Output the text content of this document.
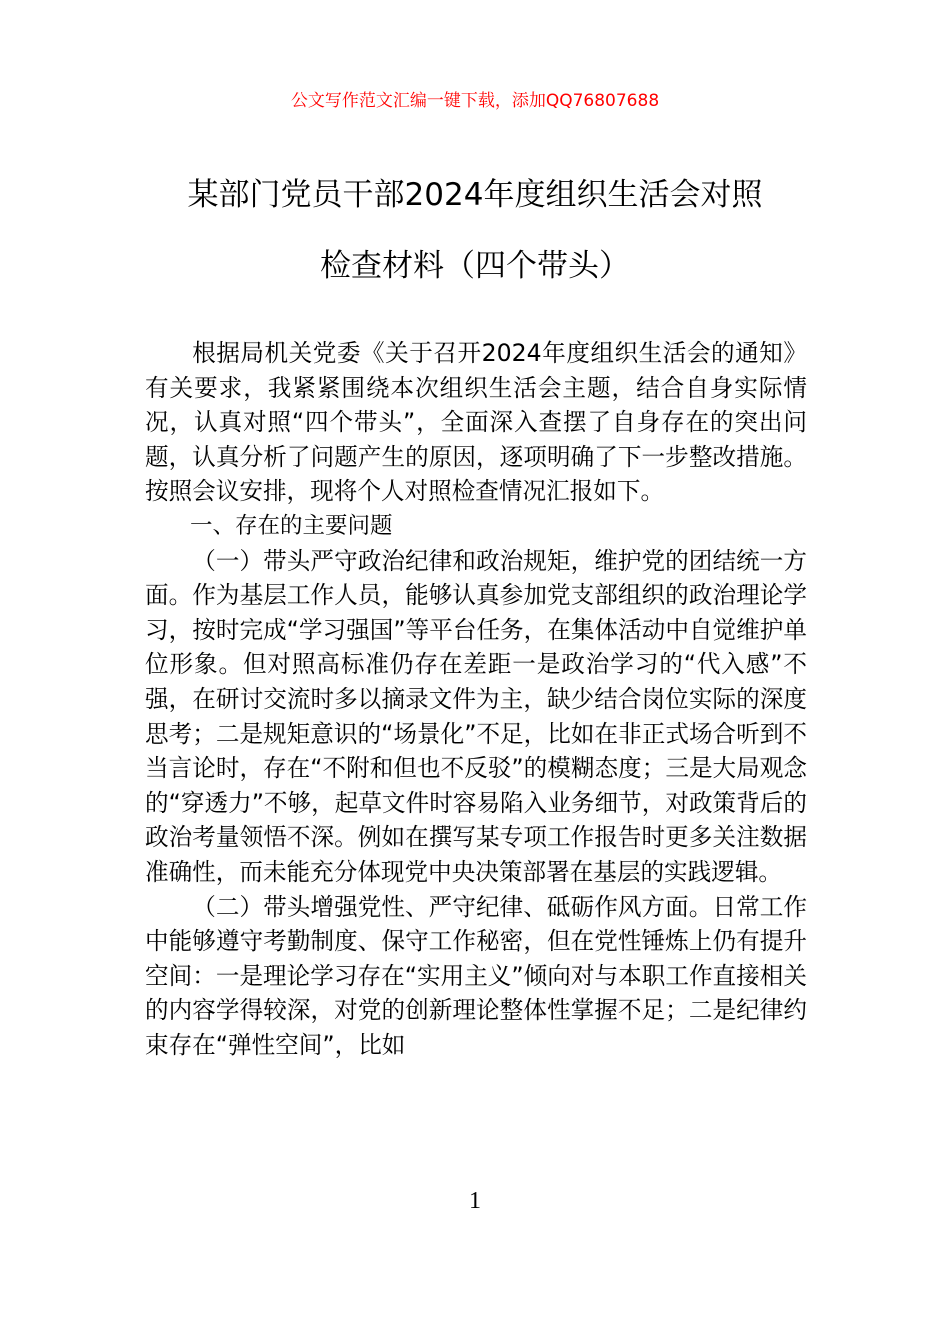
公文写作范文汇编一键下载，添加QQ76807688
某部门党员干部2024年度组织生活会对照
检查材料（四个带头）

根据局机关党委《关于召开2024年度组织生活会的通知》有关要求，我紧紧围绕本次组织生活会主题，结合自身实际情况，认真对照“四个带头”，全面深入查摆了自身存在的突出问题，认真分析了问题产生的原因，逐项明确了下一步整改措施。按照会议安排，现将个人对照检查情况汇报如下。

一、存在的主要问题

（一）带头严守政治纪律和政治规矩，维护党的团结统一方面。作为基层工作人员，能够认真参加党支部组织的政治理论学习，按时完成“学习强国”等平台任务，在集体活动中自觉维护单位形象。但对照高标准仍存在差距一是政治学习的“代入感”不强，在研讨交流时多以摘录文件为主，缺少结合岗位实际的深度思考；二是规矩意识的“场景化”不足，比如在非正式场合听到不当言论时，存在“不附和但也不反驳”的模糊态度；三是大局观念的“穿透力”不够，起草文件时容易陷入业务细节，对政策背后的政治考量领悟不深。例如在撰写某专项工作报告时更多关注数据准确性，而未能充分体现党中央决策部署在基层的实践逻辑。

（二）带头增强党性、严守纪律、砥砺作风方面。日常工作中能够遵守考勤制度、保守工作秘密，但在党性锤炼上仍有提升空间：一是理论学习存在“实用主义”倾向对与本职工作直接相关的内容学得较深，对党的创新理论整体性掌握不足；二是纪律约束存在“弹性空间”，比如

1
